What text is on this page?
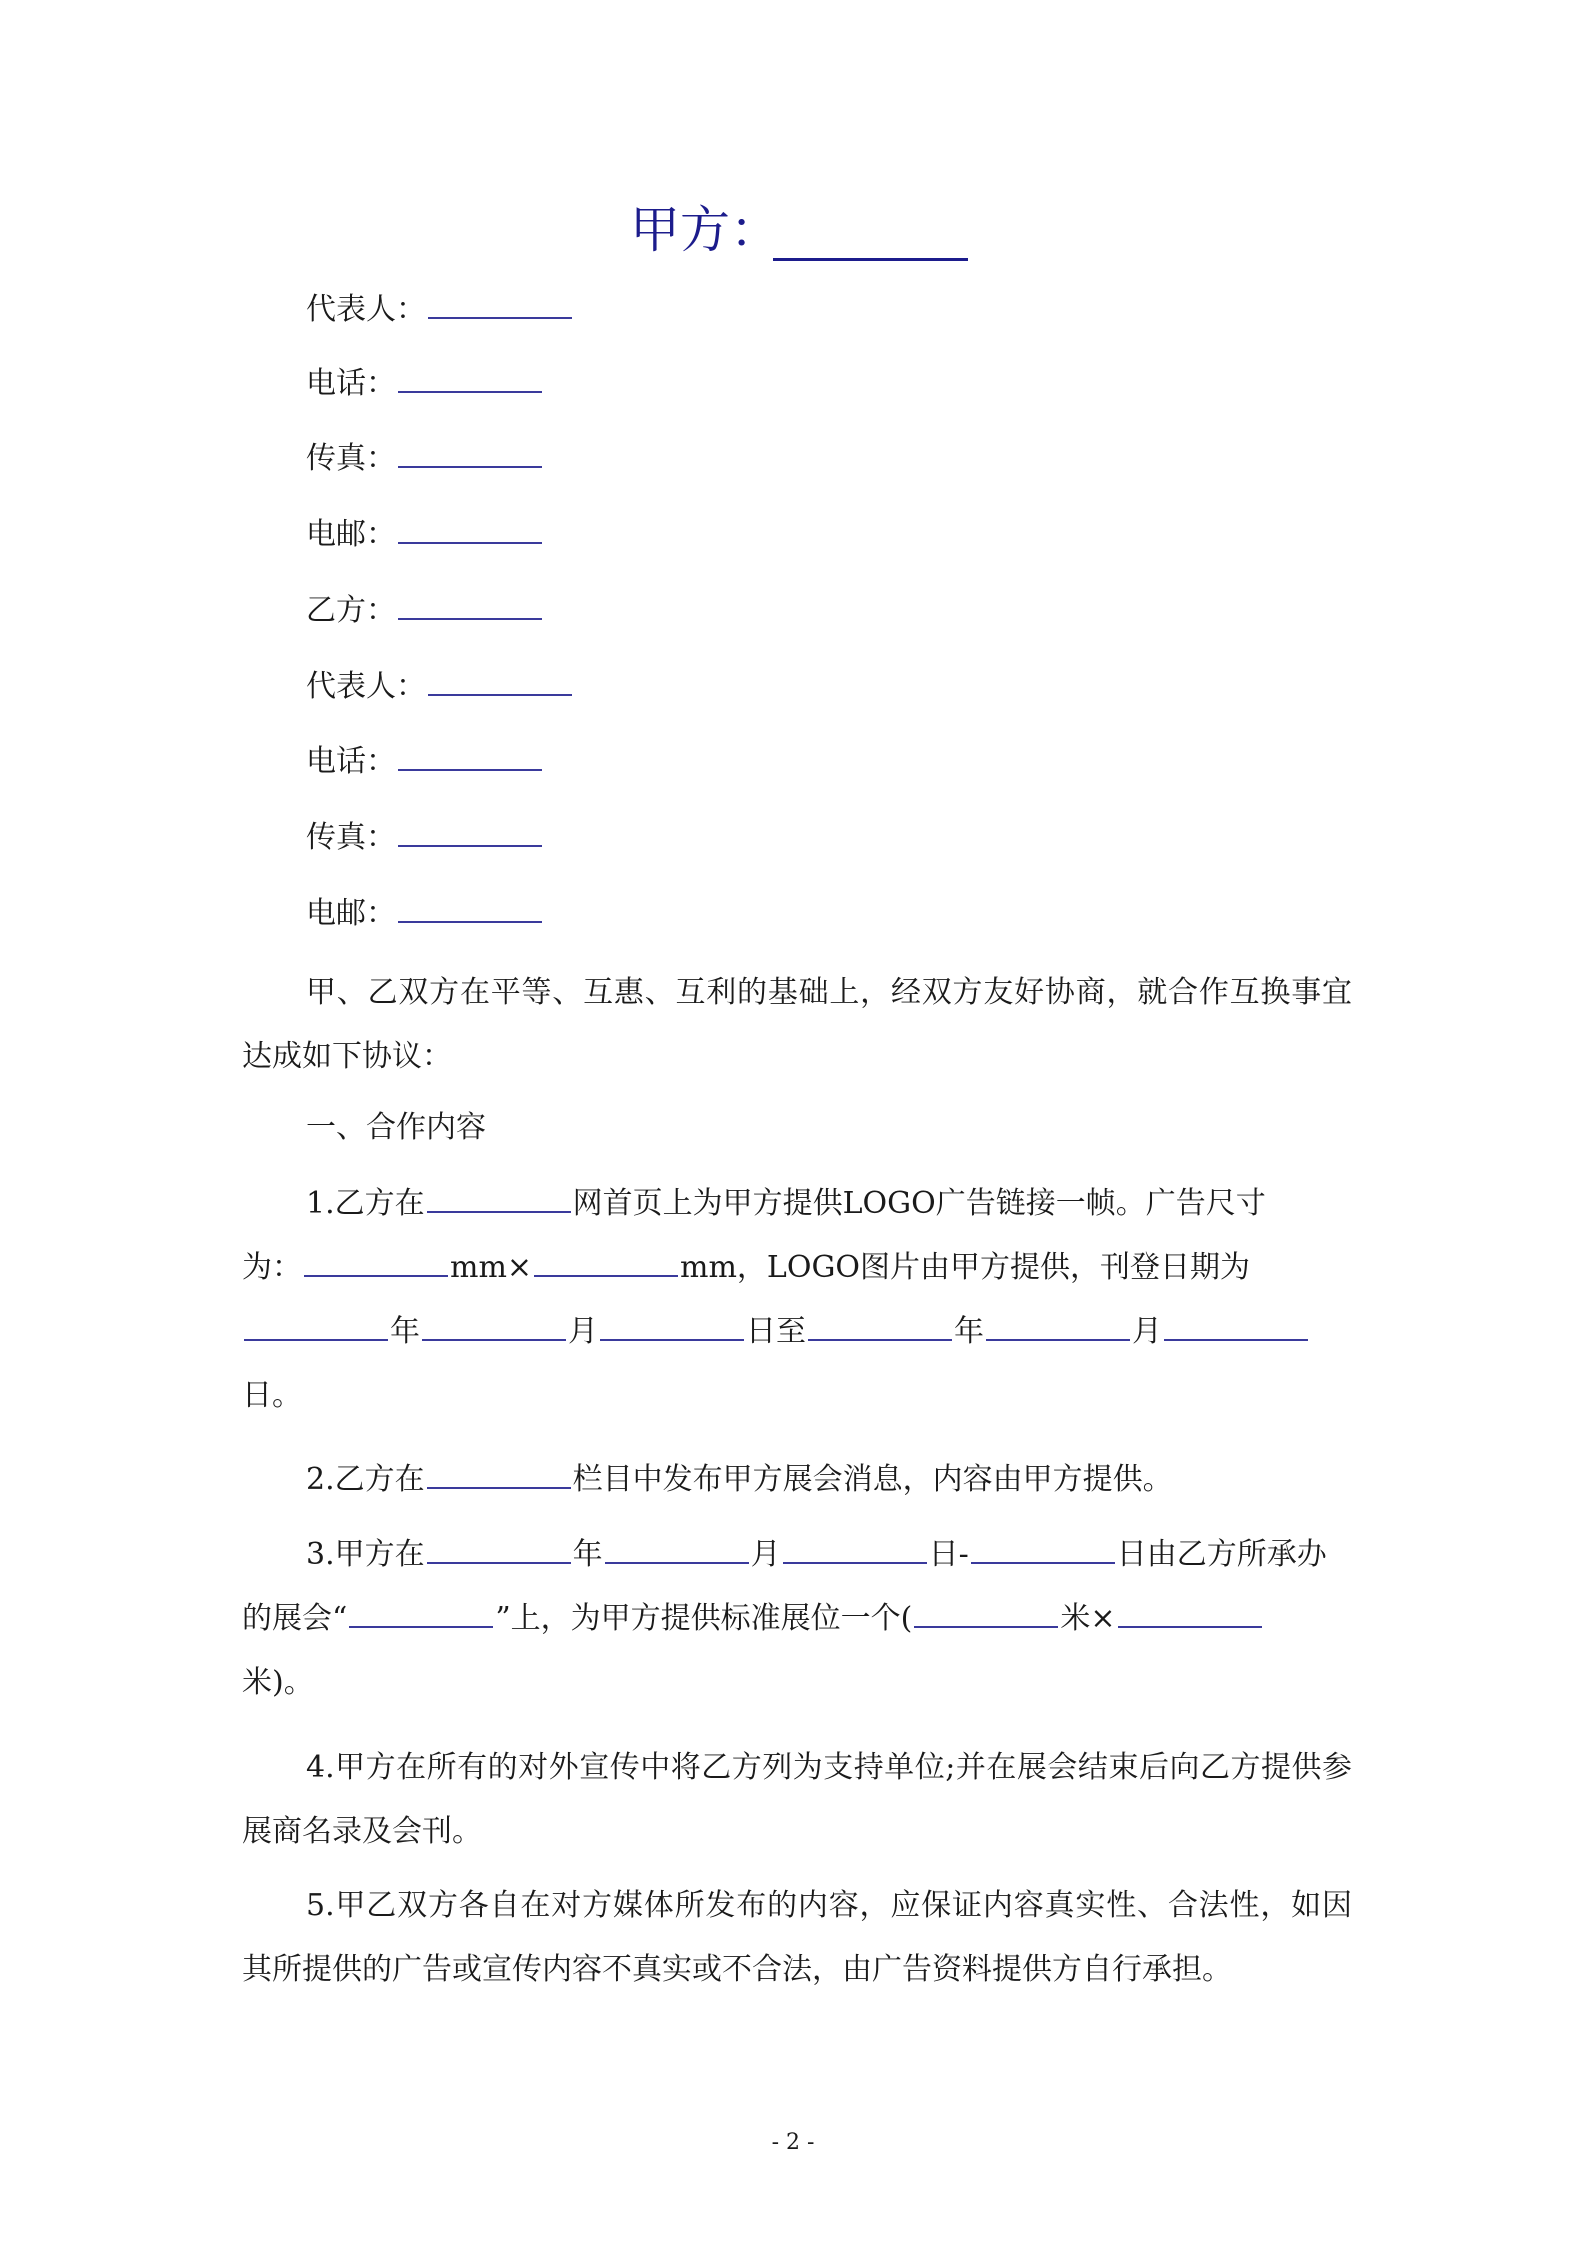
甲方：
代表人：
电话：
传真：
电邮：
乙方：
代表人：
电话：
传真：
电邮：
甲、乙双方在平等、互惠、互利的基础上，经双方友好协商，就合作互换事宜达成如下协议：
一、合作内容
1.乙方在	网首页上为甲方提供LOGO广告链接一帧。广告尺寸
为：	mm×	mm，LOGO图片由甲方提供，刊登日期为
年	月	日至	年	月
日。
2.乙方在	栏目中发布甲方展会消息，内容由甲方提供。
3.甲方在	年	月	日-	日由乙方所承办
的展会“	”上，为甲方提供标准展位一个(	米×
米)。
4.甲方在所有的对外宣传中将乙方列为支持单位;并在展会结束后向乙方提供参展商名录及会刊。
5.甲乙双方各自在对方媒体所发布的内容，应保证内容真实性、合法性，如因其所提供的广告或宣传内容不真实或不合法，由广告资料提供方自行承担。
- 2 -
